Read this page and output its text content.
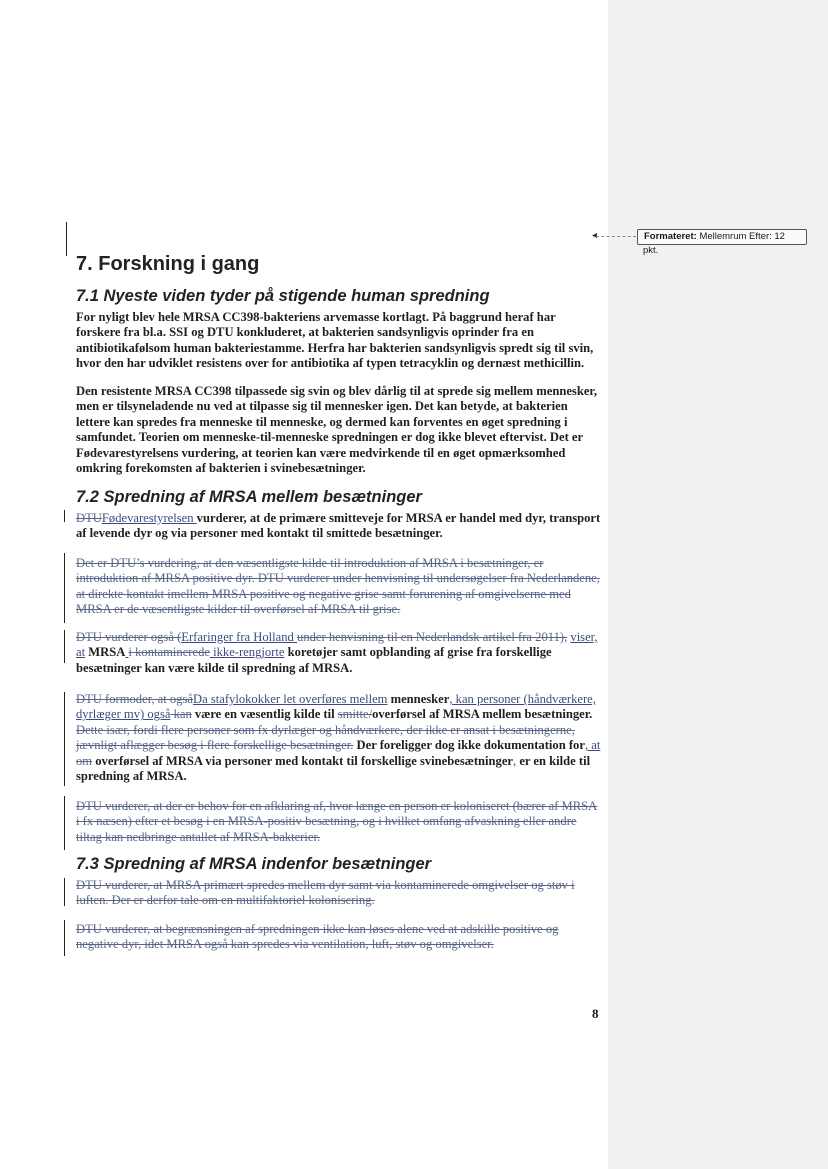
Formateret: Mellemrum Efter: 12
pkt.
7. Forskning i gang
7.1 Nyeste viden tyder på stigende human spredning

For nyligt blev hele MRSA CC398-bakteriens arvemasse kortlagt. På baggrund heraf har forskere fra bl.a. SSI og DTU konkluderet, at bakterien sandsynligvis oprinder fra en antibiotikafølsom human bakteriestamme. Herfra har bakterien sandsynligvis spredt sig til svin, hvor den har udviklet resistens over for antibiotika af typen tetracyklin og dernæst methicillin.

Den resistente MRSA CC398 tilpassede sig svin og blev dårlig til at sprede sig mellem mennesker, men er tilsyneladende nu ved at tilpasse sig til mennesker igen. Det kan betyde, at bakterien lettere kan spredes fra menneske til menneske, og dermed kan forventes en øget spredning i samfundet. Teorien om menneske-til-menneske spredningen er dog ikke blevet eftervist. Det er Fødevarestyrelsens vurdering, at teorien kan være medvirkende til en øget opmærksomhed omkring forekomsten af bakterien i svinebesætninger.

7.2 Spredning af MRSA mellem besætninger

DTUFødevarestyrelsen vurderer, at de primære smitteveje for MRSA er handel med dyr, transport af levende dyr og via personer med kontakt til smittede besætninger.

Det er DTU’s vurdering, at den væsentligste kilde til introduktion af MRSA i besætninger, er introduktion af MRSA positive dyr. DTU vurderer under henvisning til undersøgelser fra Nederlandene, at direkte kontakt imellem MRSA positive og negative grise samt forurening af omgivelserne med MRSA er de væsentligste kilder til overførsel af MRSA til grise.

DTU vurderer også (Erfaringer fra Holland under henvisning til en Nederlandsk artikel fra 2011), viser, at MRSA i kontaminerede ikke-rengjorte koretøjer samt opblanding af grise fra forskellige besætninger kan være kilde til spredning af MRSA.

DTU formoder, at ogsåDa stafylokokker let overføres mellem mennesker, kan personer (håndværkere, dyrlæger mv) også kan være en væsentlig kilde til smitte/overførsel af MRSA mellem besætninger. Dette især, fordi flere personer som fx dyrlæger og håndværkere, der ikke er ansat i besætningerne, jævnligt aflægger besøg i flere forskellige besætninger. Der foreligger dog ikke dokumentation for, at om overførsel af MRSA via personer med kontakt til forskellige svinebesætninger, er en kilde til spredning af MRSA.

DTU vurderer, at der er behov for en afklaring af, hvor længe en person er koloniseret (bærer af MRSA i fx næsen) efter et besøg i en MRSA-positiv besætning, og i hvilket omfang afvaskning eller andre tiltag kan nedbringe antallet af MRSA-bakterier.

7.3 Spredning af MRSA indenfor besætninger

DTU vurderer, at MRSA primært spredes mellem dyr samt via kontaminerede omgivelser og støv i luften. Der er derfor tale om en multifaktoriel kolonisering.

DTU vurderer, at begrænsningen af spredningen ikke kan løses alene ved at adskille positive og negative dyr, idet MRSA også kan spredes via ventilation, luft, støv og omgivelser.

8
